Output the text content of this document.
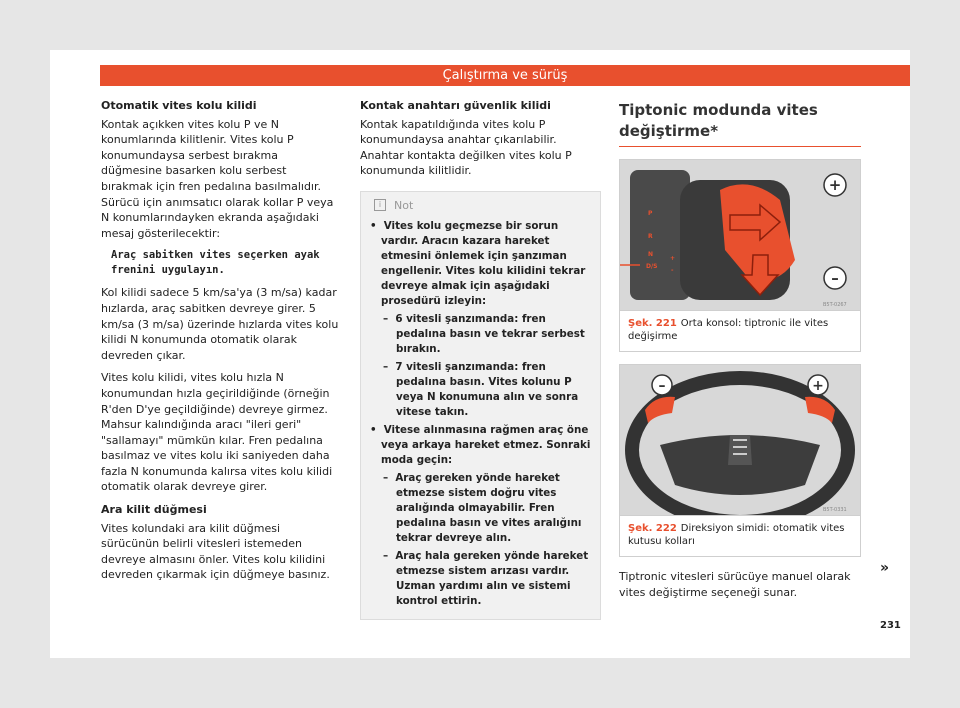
Çalıştırma ve sürüş
Otomatik vites kolu kilidi

Kontak açıkken vites kolu P ve N konumlarında kilitlenir. Vites kolu P konumundaysa serbest bırakma düğmesine basarken kolu serbest bırakmak için fren pedalına basılmalıdır. Sürücü için anımsatıcı olarak kollar P veya N konumlarındayken ekranda aşağıdaki mesaj gösterilecektir:

Araç sabitken vites seçerken ayak frenini uygulayın.

Kol kilidi sadece 5 km/sa'ya (3 m/sa) kadar hızlarda, araç sabitken devreye girer. 5 km/sa (3 m/sa) üzerinde hızlarda vites kolu kilidi N konumunda otomatik olarak devreden çıkar.

Vites kolu kilidi, vites kolu hızla N konumundan hızla geçirildiğinde (örneğin R'den D'ye geçildiğinde) devreye girmez. Mahsur kalındığında aracı "ileri geri" "sallamayı" mümkün kılar. Fren pedalına basılmaz ve vites kolu iki saniyeden daha fazla N konumunda kalırsa vites kolu kilidi otomatik olarak devreye girer.

Ara kilit düğmesi

Vites kolundaki ara kilit düğmesi sürücünün belirli vitesleri istemeden devreye almasını önler. Vites kolu kilidini devreden çıkarmak için düğmeye basınız.

Kontak anahtarı güvenlik kilidi

Kontak kapatıldığında vites kolu P konumundaysa anahtar çıkarılabilir. Anahtar kontakta değilken vites kolu P konumunda kilitlidir.

i	Not
•  Vites kolu geçmezse bir sorun vardır. Aracın kazara hareket etmesini önlemek için şanzıman engellenir. Vites kolu kilidini tekrar devreye almak için aşağıdaki prosedürü izleyin:
–  6 vitesli şanzımanda: fren pedalına basın ve tekrar serbest bırakın.
–  7 vitesli şanzımanda: fren pedalına basın. Vites kolunu P veya N konumuna alın ve sonra vitese takın.
•  Vitese alınmasına rağmen araç öne veya arkaya hareket etmez. Sonraki moda geçin:
–  Araç gereken yönde hareket etmezse sistem doğru vites aralığında olmayabilir. Fren pedalına basın ve vites aralığını tekrar devreye alın.
–  Araç hala gereken yönde hareket etmezse sistem arızası vardır. Uzman yardımı alın ve sistemi kontrol ettirin.
Tiptonic modunda vites değiştirme*
+
–
P
R
N
D/S
+
-
B5T-0267
Şek. 221 Orta konsol: tiptronic ile vites değişirme
–	+
B5T-0331
Şek. 222 Direksiyon simidi: otomatik vites kutusu kolları

Tiptronic vitesleri sürücüye manuel olarak vites değiştirme seçeneği sunar.

»
231
